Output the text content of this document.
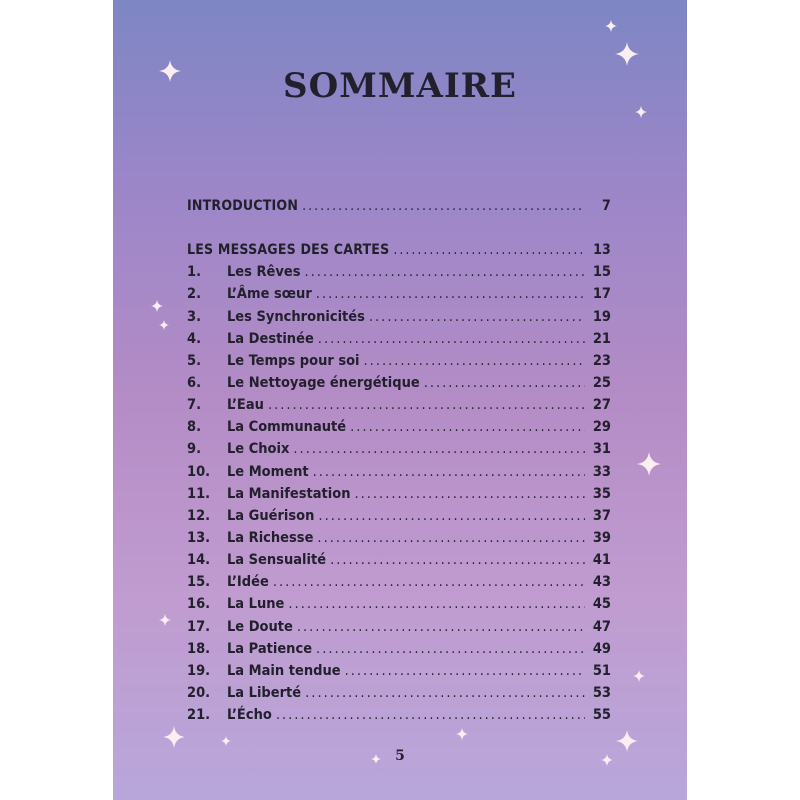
SOMMAIRE
INTRODUCTION .....	7
LES MESSAGES DES CARTES .....	13
1.	Les Rêves .....	15
2.	L’Âme sœur .....	17
3.	Les Synchronicités .....	19
4.	La Destinée .....	21
5.	Le Temps pour soi .....	23
6.	Le Nettoyage énergétique .....	25
7.	L’Eau .....	27
8.	La Communauté .....	29
9.	Le Choix .....	31
10.	Le Moment .....	33
11.	La Manifestation .....	35
12.	La Guérison .....	37
13.	La Richesse .....	39
14.	La Sensualité .....	41
15.	L’Idée .....	43
16.	La Lune .....	45
17.	Le Doute .....	47
18.	La Patience .....	49
19.	La Main tendue .....	51
20.	La Liberté .....	53
21.	L’Écho .....	55
5
